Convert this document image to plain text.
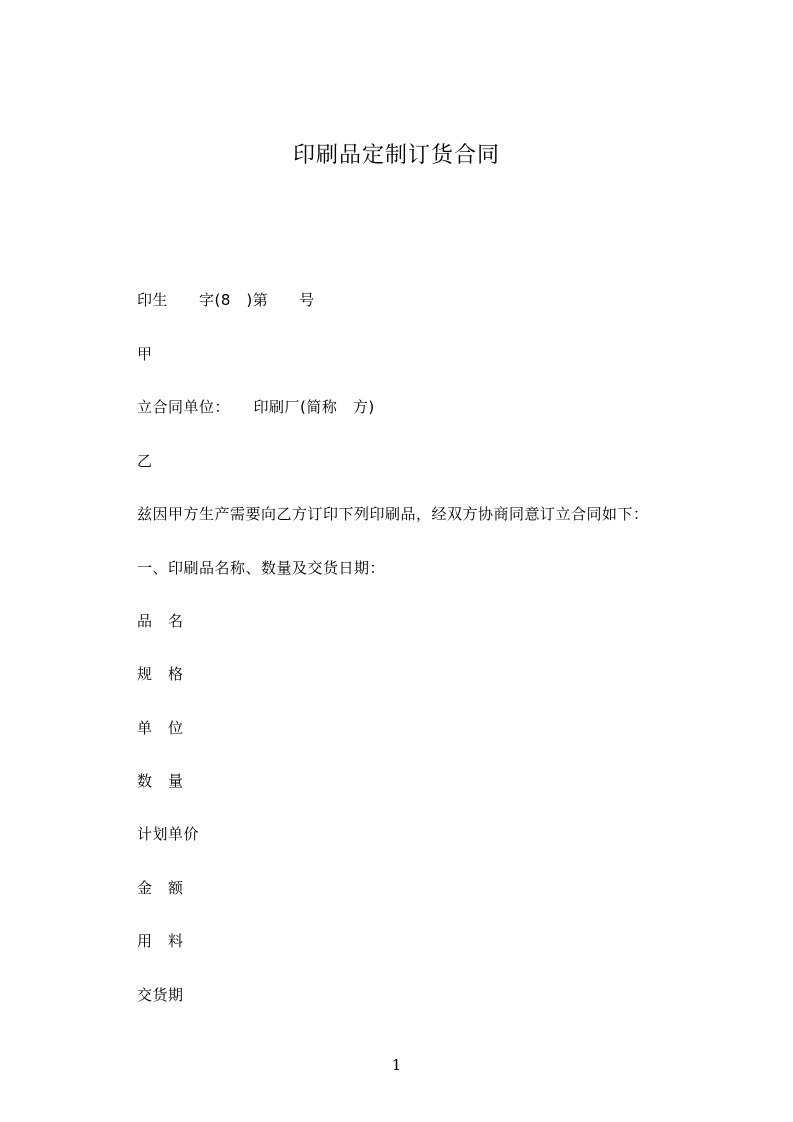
印刷品定制订货合同
印生　　字(8　)第　　号
甲
立合同单位：　　印刷厂(简称　方)
乙
兹因甲方生产需要向乙方订印下列印刷品，经双方协商同意订立合同如下：
一、印刷品名称、数量及交货日期：
品　名
规　格
单　位
数　量
计划单价
金　额
用　料
交货期
1
